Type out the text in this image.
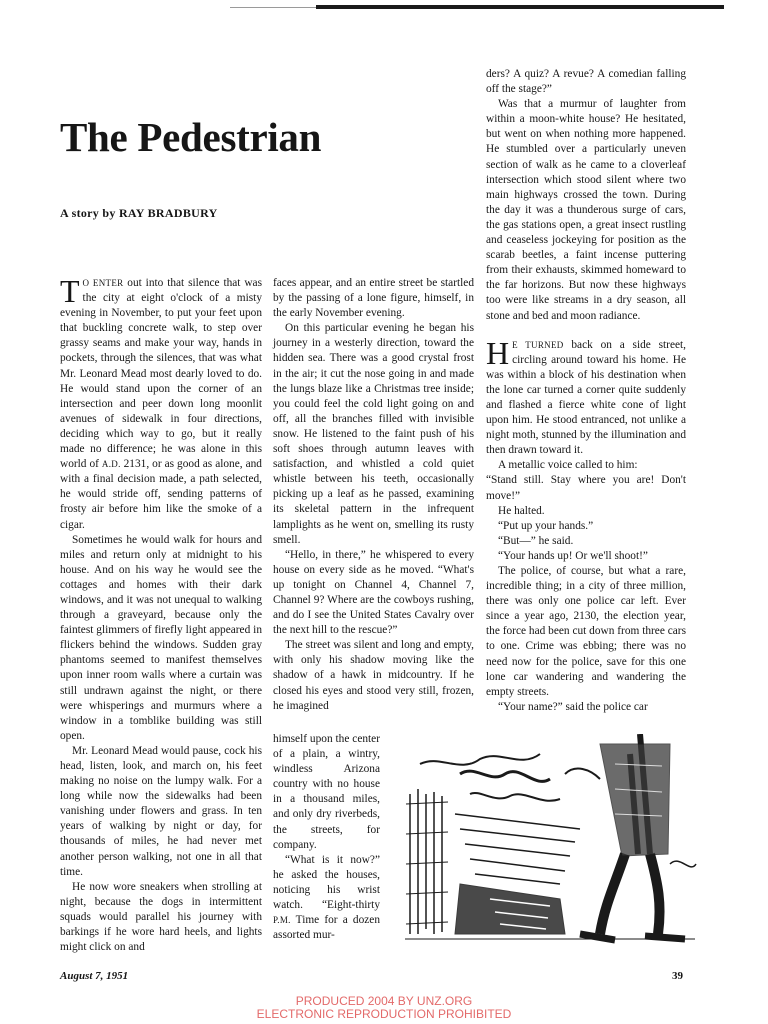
The Pedestrian

A story by RAY BRADBURY

T O ENTER out into that silence that was the city at eight o'clock of a misty evening in November, to put your feet upon that buckling concrete walk, to step over grassy seams and make your way, hands in pockets, through the silences, that was what Mr. Leonard Mead most dearly loved to do. He would stand upon the corner of an intersection and peer down long moonlit avenues of sidewalk in four directions, deciding which way to go, but it really made no difference; he was alone in this world of A.D. 2131, or as good as alone, and with a final decision made, a path selected, he would stride off, sending patterns of frosty air before him like the smoke of a cigar.

Sometimes he would walk for hours and miles and return only at midnight to his house. And on his way he would see the cottages and homes with their dark windows, and it was not unequal to walking through a graveyard, because only the faintest glimmers of firefly light appeared in flickers behind the windows. Sudden gray phantoms seemed to manifest themselves upon inner room walls where a curtain was still undrawn against the night, or there were whisperings and murmurs where a window in a tomblike building was still open.

Mr. Leonard Mead would pause, cock his head, listen, look, and march on, his feet making no noise on the lumpy walk. For a long while now the sidewalks had been vanishing under flowers and grass. In ten years of walking by night or day, for thousands of miles, he had never met another person walking, not one in all that time.

He now wore sneakers when strolling at night, because the dogs in intermittent squads would parallel his journey with barkings if he wore hard heels, and lights might click on and

faces appear, and an entire street be startled by the passing of a lone figure, himself, in the early November evening.

On this particular evening he began his journey in a westerly direction, toward the hidden sea. There was a good crystal frost in the air; it cut the nose going in and made the lungs blaze like a Christmas tree inside; you could feel the cold light going on and off, all the branches filled with invisible snow. He listened to the faint push of his soft shoes through autumn leaves with satisfaction, and whistled a cold quiet whistle between his teeth, occasionally picking up a leaf as he passed, examining its skeletal pattern in the infrequent lamplights as he went on, smelling its rusty smell.

“Hello, in there,” he whispered to every house on every side as he moved. “What's up tonight on Channel 4, Channel 7, Channel 9? Where are the cowboys rushing, and do I see the United States Cavalry over the next hill to the rescue?”

The street was silent and long and empty, with only his shadow moving like the shadow of a hawk in midcountry. If he closed his eyes and stood very still, frozen, he imagined

himself upon the center of a plain, a wintry, windless Arizona country with no house in a thousand miles, and only dry riverbeds, the streets, for company.

“What is it now?” he asked the houses, noticing his wrist watch. “Eight-thirty P.M. Time for a dozen assorted mur-

ders? A quiz? A revue? A comedian falling off the stage?”

Was that a murmur of laughter from within a moon-white house? He hesitated, but went on when nothing more happened. He stumbled over a particularly uneven section of walk as he came to a cloverleaf intersection which stood silent where two main highways crossed the town. During the day it was a thunderous surge of cars, the gas stations open, a great insect rustling and ceaseless jockeying for position as the scarab beetles, a faint incense puttering from their exhausts, skimmed homeward to the far horizons. But now these highways too were like streams in a dry season, all stone and bed and moon radiance.

H E TURNED back on a side street, circling around toward his home. He was within a block of his destination when the lone car turned a corner quite suddenly and flashed a fierce white cone of light upon him. He stood entranced, not unlike a night moth, stunned by the illumination and then drawn toward it.

A metallic voice called to him:

“Stand still. Stay where you are! Don't move!”

He halted.

“Put up your hands.”

“But—” he said.

“Your hands up! Or we'll shoot!”

The police, of course, but what a rare, incredible thing; in a city of three million, there was only one police car left. Ever since a year ago, 2130, the election year, the force had been cut down from three cars to one. Crime was ebbing; there was no need now for the police, save for this one lone car wandering and wandering the empty streets.

“Your name?” said the police car

August 7, 1951	39

PRODUCED 2004 BY UNZ.ORG

ELECTRONIC REPRODUCTION PROHIBITED
